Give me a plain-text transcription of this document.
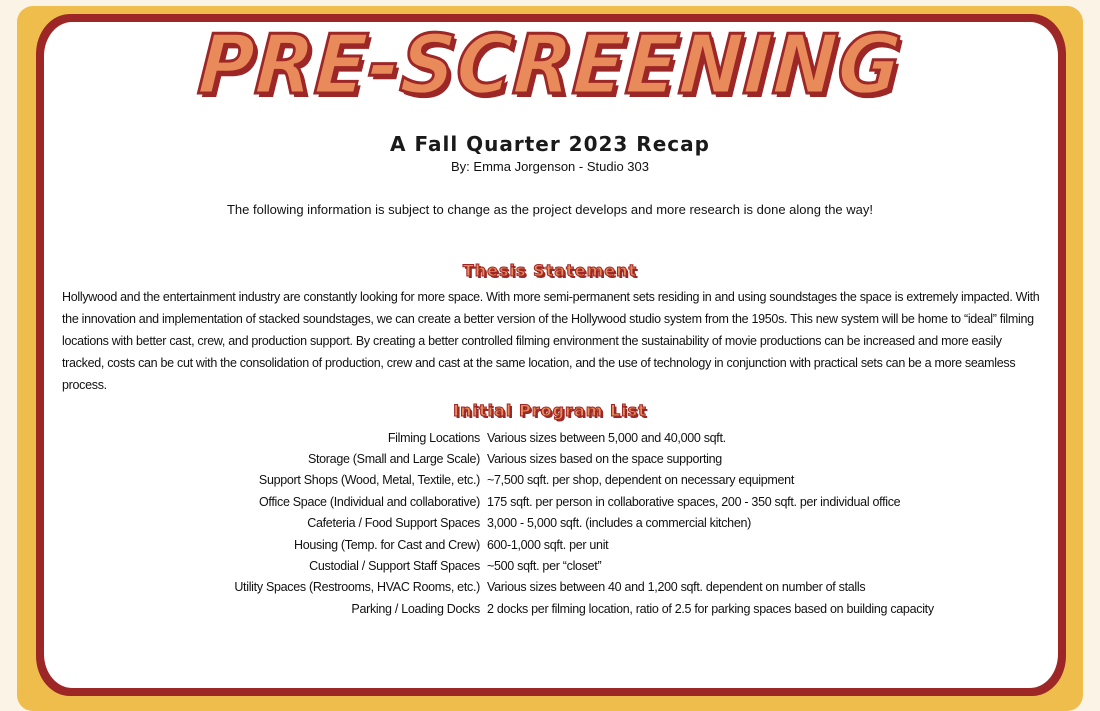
PRE-SCREENING
A Fall Quarter 2023 Recap
By: Emma Jorgenson - Studio 303
The following information is subject to change as the project develops and more research is done along the way!
Thesis Statement
Hollywood and the entertainment industry are constantly looking for more space. With more semi-permanent sets residing in and using soundstages the space is extremely impacted. With the innovation and implementation of stacked soundstages, we can create a better version of the Hollywood studio system from the 1950s. This new system will be home to “ideal” filming locations with better cast, crew, and production support. By creating a better controlled filming environment the sustainability of movie productions can be increased and more easily tracked, costs can be cut with the consolidation of production, crew and cast at the same location, and the use of technology in conjunction with practical sets can be a more seamless process.
Initial Program List
Filming Locations Various sizes between 5,000 and 40,000 sqft.
Storage (Small and Large Scale) Various sizes based on the space supporting
Support Shops (Wood, Metal, Textile, etc.) ~7,500 sqft. per shop, dependent on necessary equipment
Office Space (Individual and collaborative) 175 sqft. per person in collaborative spaces, 200 - 350 sqft. per individual office
Cafeteria / Food Support Spaces 3,000 - 5,000 sqft. (includes a commercial kitchen)
Housing (Temp. for Cast and Crew) 600-1,000 sqft. per unit
Custodial / Support Staff Spaces ~500 sqft. per “closet”
Utility Spaces (Restrooms, HVAC Rooms, etc.) Various sizes between 40 and 1,200 sqft. dependent on number of stalls
Parking / Loading Docks 2 docks per filming location, ratio of 2.5 for parking spaces based on building capacity
